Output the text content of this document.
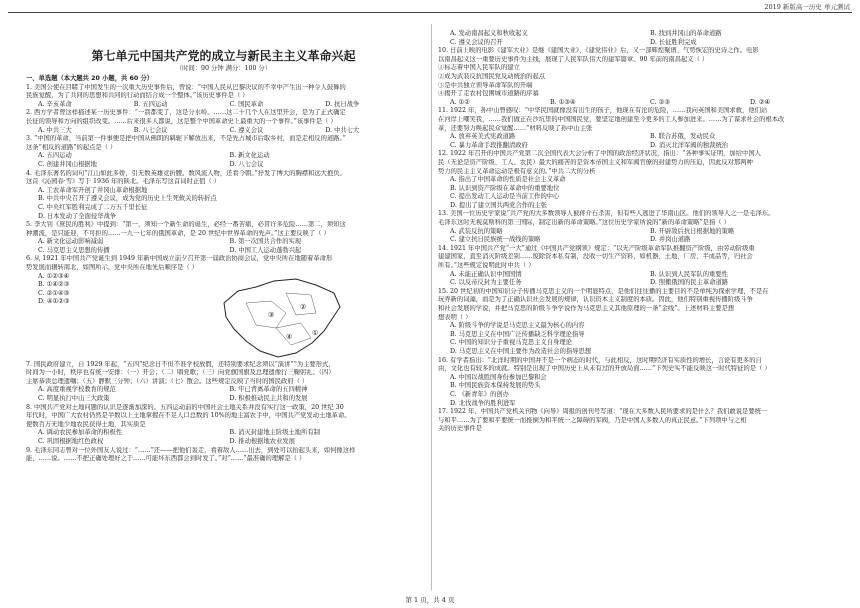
2019 新版高一历史 单元测试
第七单元中国共产党的成立与新民主主义革命兴起
（时间：90 分钟 满分：100 分）
一、单选题（本大题共 20 小题，共 60 分）
1. 美国公使在目睹了中国发生的一次重大历史事件后，曾说：“中国人民从巴黎决议的不幸中产生出一种令人鼓舞的
民族觉醒，为了共同的思想和共同的行动而结合成一个整体。”该历史事件是（ ）
A. 辛亥革命	B. 五四运动	C. 国民革命	D. 抗日战争
2. 西方学者曾这样描述某一历史事件：“一箭都变了，这是分水岭。……这二十几个人在这里开会，是为了正式确定
长征的领导和方向的组织改变。……后来很多人都说，这是整个中国革命史上最重大的一个事件。”该事件是（ ）
A. 中共三大	B. 八七会议	C. 遵义会议	D. 中共七大
3. “中国的革命，当前第一件事便是把中国从佛朗的羁轭下解放出来，不是先占城市后取乡村，而是走相反的道路。”
这条“相反的道路”的起点是（ ）
A. 五四运动	B. 新文化运动
C. 创建井冈山根据地	D. 八七会议
4. 毛泽东著名的词句“江山如此多娇，引无数英雄竞折腰。数风流人物，还看今朝。”抒发了博大的胸襟和远大抱负。
这首《沁园春·雪》写于 1936 年的陕北。毛泽东写这首词时正值（ ）
A. 工农革命军开创了井冈山革命根据地
B. 中共中央召开了遵义会议，成为党的历史上生死攸关的转折点
C. 中央红军胜利完成了二万五千里长征
D. 日本发动了全面侵华战争
5. 李大钊《庶民的胜利》中提到：“第一，须知一个新生命的诞生，必经一番苦痛，必冒许多危险……第二，须知这
种潮流，是只能迎，不可拒的……一九一七年的俄国革命，是 20 世纪中世界革命的先声。”这主要反映了（ ）
A. 新文化运动影响减弱	B. 第一次国共合作的实现
C. 马克思主义思想的传播	D. 中国工人运动蓬勃兴起
6. 从 1921 年中国共产党诞生到 1949 年新中国成立前夕召开第一届政治协商会议，党中央所在地随着革命形
势发展而辗转南北，如图所示，党中央所在地先后顺序是（ ）
A. ①②③④
B. ①④②③
C. ②①④③
D. ④①②③
①
②
③
④
7. 国民政府建立，自 1929 年起，“五四”纪念日不但不准学校放假，还特别要求纪念须以“演讲”“为主要形式，
时间为一小时，秩序也有统一安排：（一）开会；（二）唱党歌；（三）向党旗国旗及总理遗像行三鞠躬礼；（四）
主席恭读总理遗嘱；（五）静默三分钟；（六）讲演；（七）散会。这些规定反映了当时的国民政府（ ）
A. 高度重视学校教育的规范	B. 牢已背离革命的五四精神
C. 明显执行中山三大政策	D. 积极推动民主共和的发展
8. 中国共产党对土地问题的认识是逐渐加深的。五四运动前的中国社会土地关系并没有实行这一政策，20 世纪 30
年代时，中国广大农村仍然是半数以上土地掌握在不足人口总数的 10%的地主富农手中，中国共产党发动土地革命。
使数百万无地少地农民获得土地，其实质是
A. 调动农民参加革命的积极性	B. 消灭封建地主阶级土地所有制
C. 巩固根据地红色政权	D. 推动根据地农业发展
9. 毛泽东同志曾对一位外国友人说过：“……”还——把他们轰走，看着敌人……出去，到处可以抬起头来，如何像这样
能，……说。……不把正确处理好之于……可能坏东西都会到时发了。”对“……”最准确的理解是（ ）
A. 发动南昌起义和秋收起义	B. 找到井冈山的革命道路
C. 遵义会议的召开	D. 长征胜利完成
10. 日前上映的电影《建军大业》是继《建国大业》、《建党伟业》后，又一部辉煌聚谱、气势恢宏的史诗之作。电影
以南昌起义这一重要历史事件为主线，展现了人民军队伟大的建军篇章。90 年前的南昌起义（ ）
①标志着中国人民军队的建立
②成为武装反抗国民党反动统治的起点
③是中共独立领导革命军队的开端
④揭开了走农村包围城市道路的序幕
A. ①②	B. ①③④	C. ②③	D. ②④
11. 1922 年，孙中山曾感叹：“中华民国就像没有出生的孩子，他现在有沦的危险，……我向英国和美国求救，他们站
在河岸上嘲笑我，……我们做正在沙坑里的中国国民党，要坚定地创建至今更多的工人参加进来。……为了谋求社会的根本改
革，还要努力唤起民众觉醒……”材料反映了孙中山主张
A. 放弃英美式宪政道路	B. 联合苏俄，发动民众
C. 暴力革命手段推翻清政府	D. 消灭北洋军阀的独裁统治
12. 1922 年召开的中国共产党第二次全国代表大会分析了中国的政治经济状况，指出：“各种事实证明，加给中国人
民（无论是资产阶级、工人、农民）最大的痛苦的是资本帝国主义和军阀官僚的封建势力的压迫，因此反对那两种
势力的民主主义革命运动是极有意义的。”中共二大的分析
A. 指出了中国革命的性质是社会主义革命
B. 认识到资产阶级在革命中的重要地位
C. 提出发动工人运动是当前工作的中心
D. 提出了建立国共两党合作的主张
13. 美国一位历史学家说“共产党的大多数领导人被蒋介石杀害，但有些人逃进了华南山区。他们的领导人之一是毛泽东。
毛泽东这时无视莫斯科的第三国际，制定出新的革命策略。”这位历史学家所说的“新的革命策略”是指（ ）
A. 武装反抗的策略	B. 开辟敌后抗日根据地的策略
C. 建立抗日民族统一战线的策略	D. 并岗山道路
14. 1921 年中国共产党“一大”通过《中国共产党纲领》规定：“以无产阶级革命军队推翻资产阶级，由劳动阶级重
建建国家，直至消灭阶级差别……废除资本私有制，没收一切生产资料，如机器、土地、厂房、半成品等，归社会
所有。”这些规定说明此时中共（ ）
A. 未能正确认识中国国情	B. 认识到人民军队的重要性
C. 以反帝反封为主要任务	D. 照搬俄国的民主革命道路
15. 20 世纪初的中国知识分子传播马克思主义的一个明显特点，是他们往往播的主要目的不是单纯为探索学理，不是在
玩弄新的词藻，而是为了正确认识社会发展的规律，认识资本主义制度的本质。因此，他们特别重视传播阶级斗争
和社会发展的学说，并把马克思的阶级斗争学说作为马克思主义其他原理的一条“金线”。上述材料主要是想
想表明（ ）
A. 阶级斗争的学说是马克思主义最为核心的内容
B. 马克思主义在中国广泛传播缺乏科学理论指导
C. 中国的知识分子重视马克思主义自身理论
D. 马克思主义在中国主要作为改造社会的指导思想
16. 有学者指出：“北洋时期的中国并不是一个病态的时代，与此相反，这时期经济有实质性的增长，言论有更多的自
由，文化也有较多的成就。特别是出现了中国历史上从未有过的开放局面……”下列史实不能反映这一时代特征的是（ ）
A. 中国以战胜国身份参加巴黎和会
B. 中国民族资本保持发展的势头
C. 《新青年》的创办
D. 北伐战争的胜利进军
17. 1922 年，中国共产党机关刊物《向导》周报的创刊号写道：“现在大多数人民所要求的是什么？我们敢说是要统一
与和平……为了要和平要统一而推倒为和平统一之障碍的军阀，乃是中国人多数人的真正民意。”下列项中与之相
关的历史事件是
第 1 页，共 4 页
